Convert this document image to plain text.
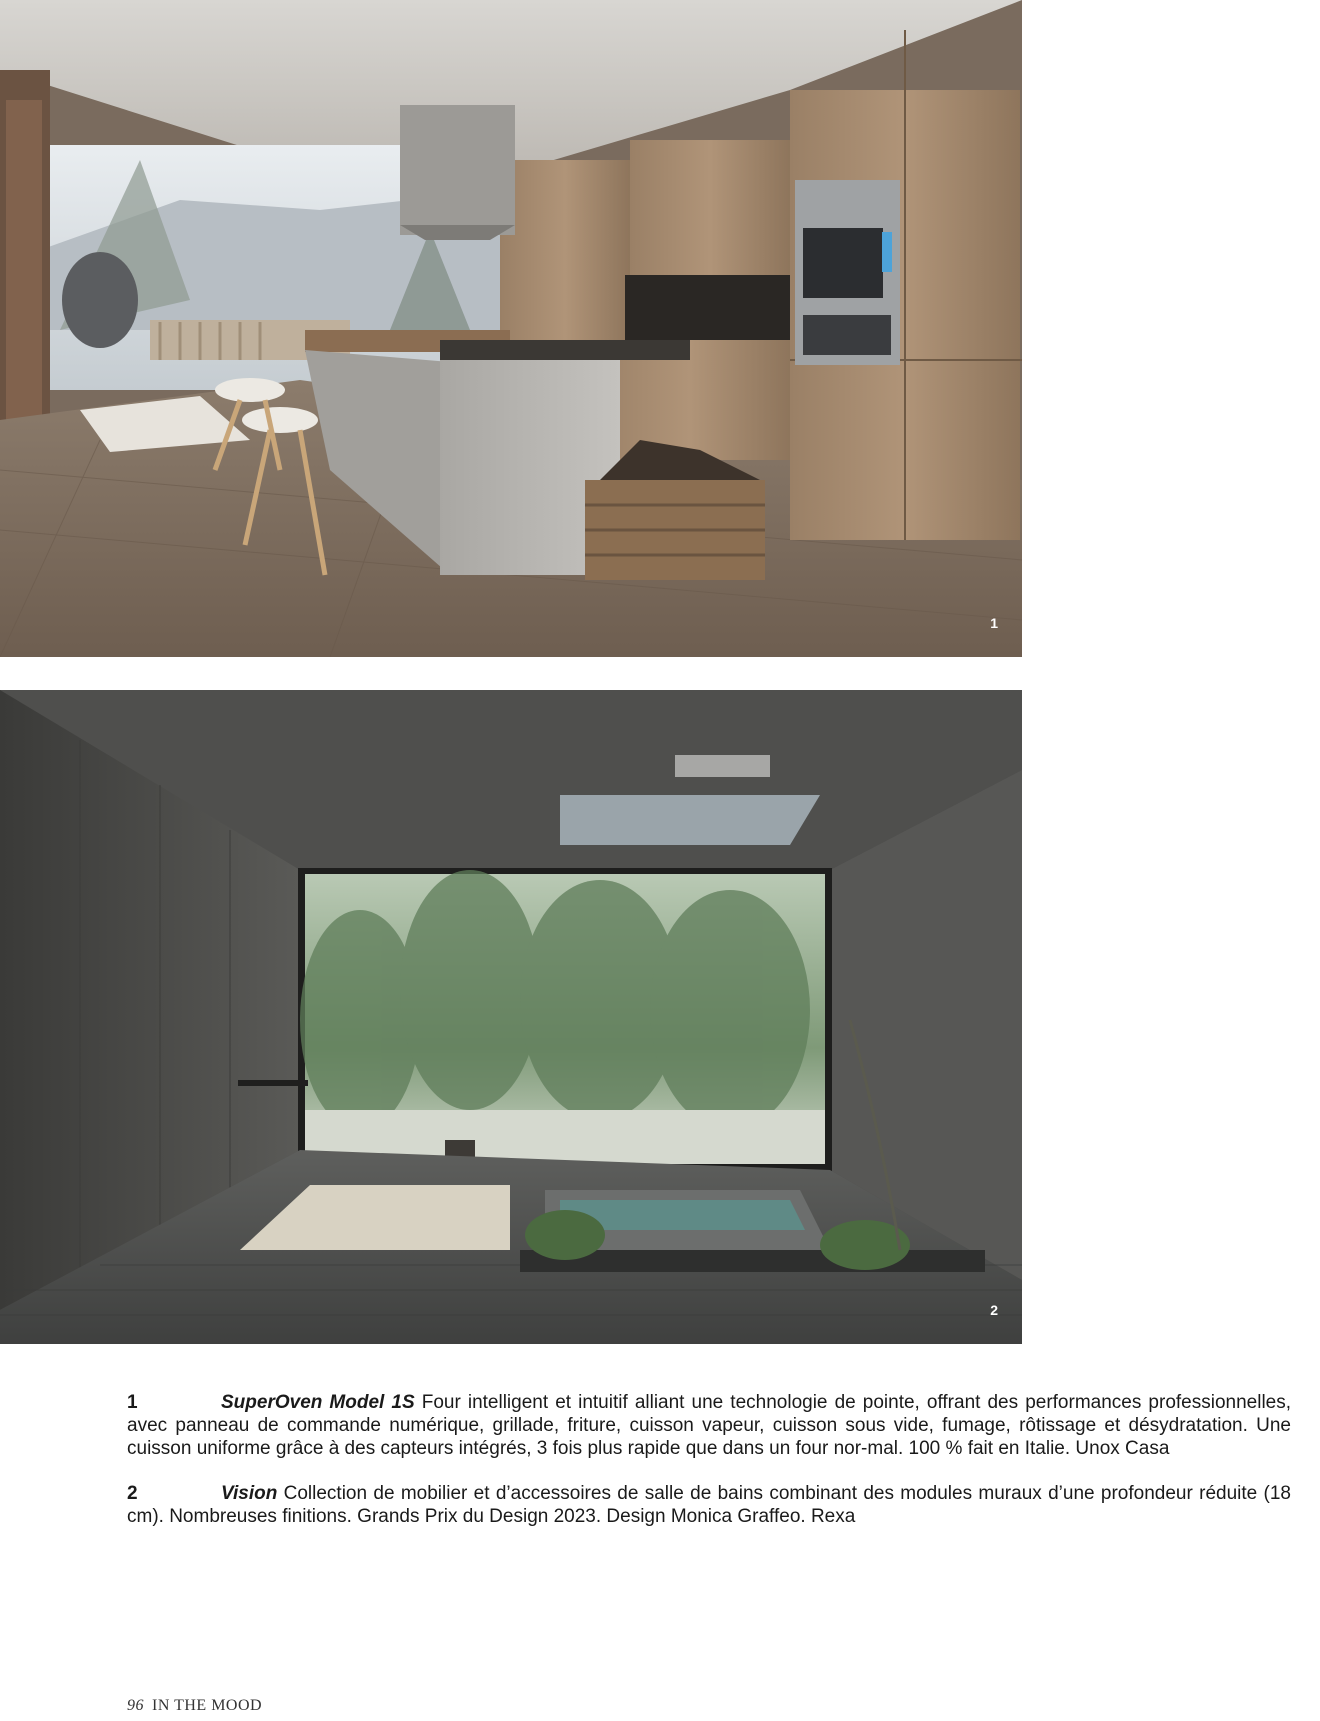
1
2

1	SuperOven Model 1S Four intelligent et intuitif alliant une technologie de pointe, offrant des performances professionnelles, avec panneau de commande numérique, grillade, friture, cuisson vapeur, cuisson sous vide, fumage, rôtissage et désydratation. Une cuisson uniforme grâce à des capteurs intégrés, 3 fois plus rapide que dans un four nor-mal. 100 % fait en Italie. Unox Casa

2	Vision Collection de mobilier et d’accessoires de salle de bains combinant des modules muraux d’une profondeur réduite (18 cm). Nombreuses finitions. Grands Prix du Design 2023. Design Monica Graffeo. Rexa

96 IN THE MOOD
